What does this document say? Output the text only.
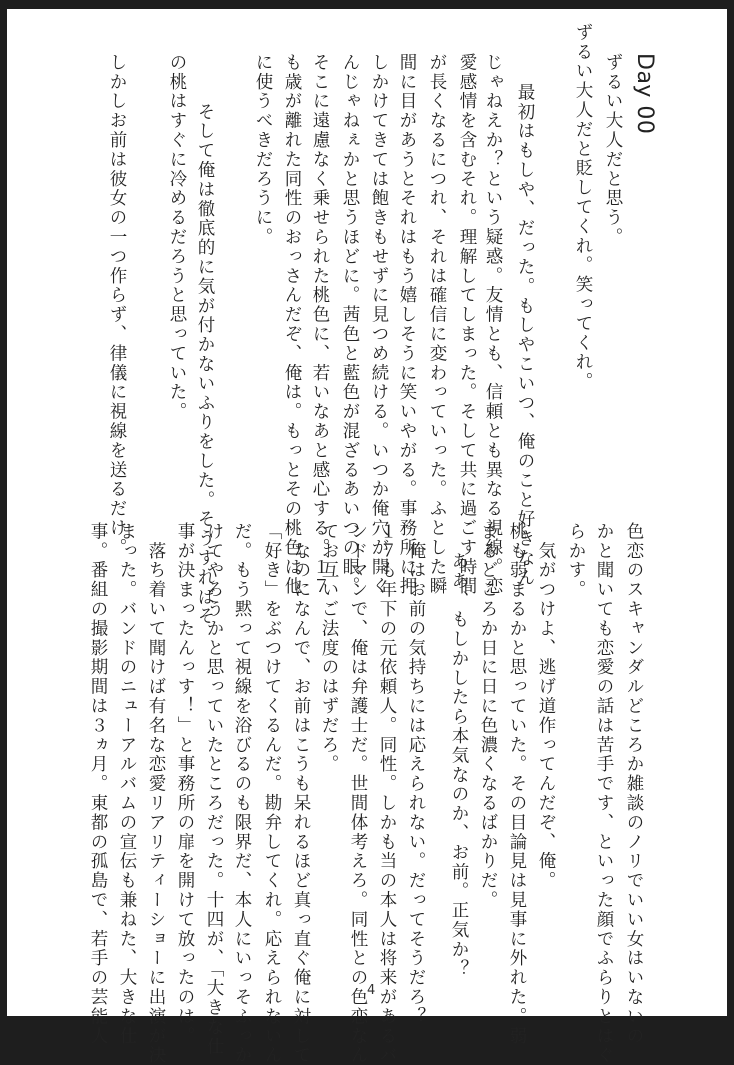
Day 00
ずるい大人だと思う。
ずるい大人だと貶してくれ。笑ってくれ。
最初はもしや、だった。もしやこいつ、俺のこと好きなん
じゃねえか？という疑惑。友情とも、信頼とも異なる視線。恋
愛感情を含むそれ。理解してしまった。そして共に過ごす時間
が長くなるにつれ、それは確信に変わっていった。ふとした瞬
間に目があうとそれはもう嬉しそうに笑いやがる。事務所に押
しかけてきては飽きもせずに見つめ続ける。いつか俺穴が開く
んじゃねぇかと思うほどに。茜色と藍色が混ざるあいつの眼。
そこに遠慮なく乗せられた桃色に、若いなあと感心する。１７
も歳が離れた同性のおっさんだぞ、俺は。もっとその桃色は他
に使うべきだろうに。
　そして俺は徹底的に気が付かないふりをした。そうすればそ
の桃はすぐに冷めるだろうと思っていた。
しかしお前は彼女の一つ作らず、律儀に視線を送るだけ。
色恋のスキャンダルどころか雑談のノリでいい女はいないの
かと聞いても恋愛の話は苦手です、といった顔でふらりとはぐ
らかす。
　気がつけよ、逃げ道作ってんだぞ、俺。
桃も弱まるかと思っていた。その目論見は見事に外れた。弱
まるどころか日に日に色濃くなるばかりだ。
ああ、もしかしたら本気なのか、お前。正気か？
　俺はお前の気持ちには応えられない。だってそうだろ？
１７も年下の元依頼人。同性。しかも当の本人は将来があるバ
ンドマンで、俺は弁護士だ。世間体考えろ。同性との色恋なん
てお互いご法度のはずだろ。
　なのになんで、お前はこうも呆れるほど真っ直ぐ俺に対して
「好き」をぶつけてくるんだ。勘弁してくれ。応えられないん
だ。もう黙って視線を浴びるのも限界だ、本人にいっそふっか
けてやろうかと思っていたところだった。十四が、「大きな仕
事が決まったんっす！」と事務所の扉を開けて放ったのは。
　落ち着いて聞けば有名な恋愛リアリティーショーに出演が決
まった。バンドのニューアルバムの宣伝も兼ねた、大きな仕
事。番組の撮影期間は３ヵ月。東都の孤島で、若手の芸能人	4
